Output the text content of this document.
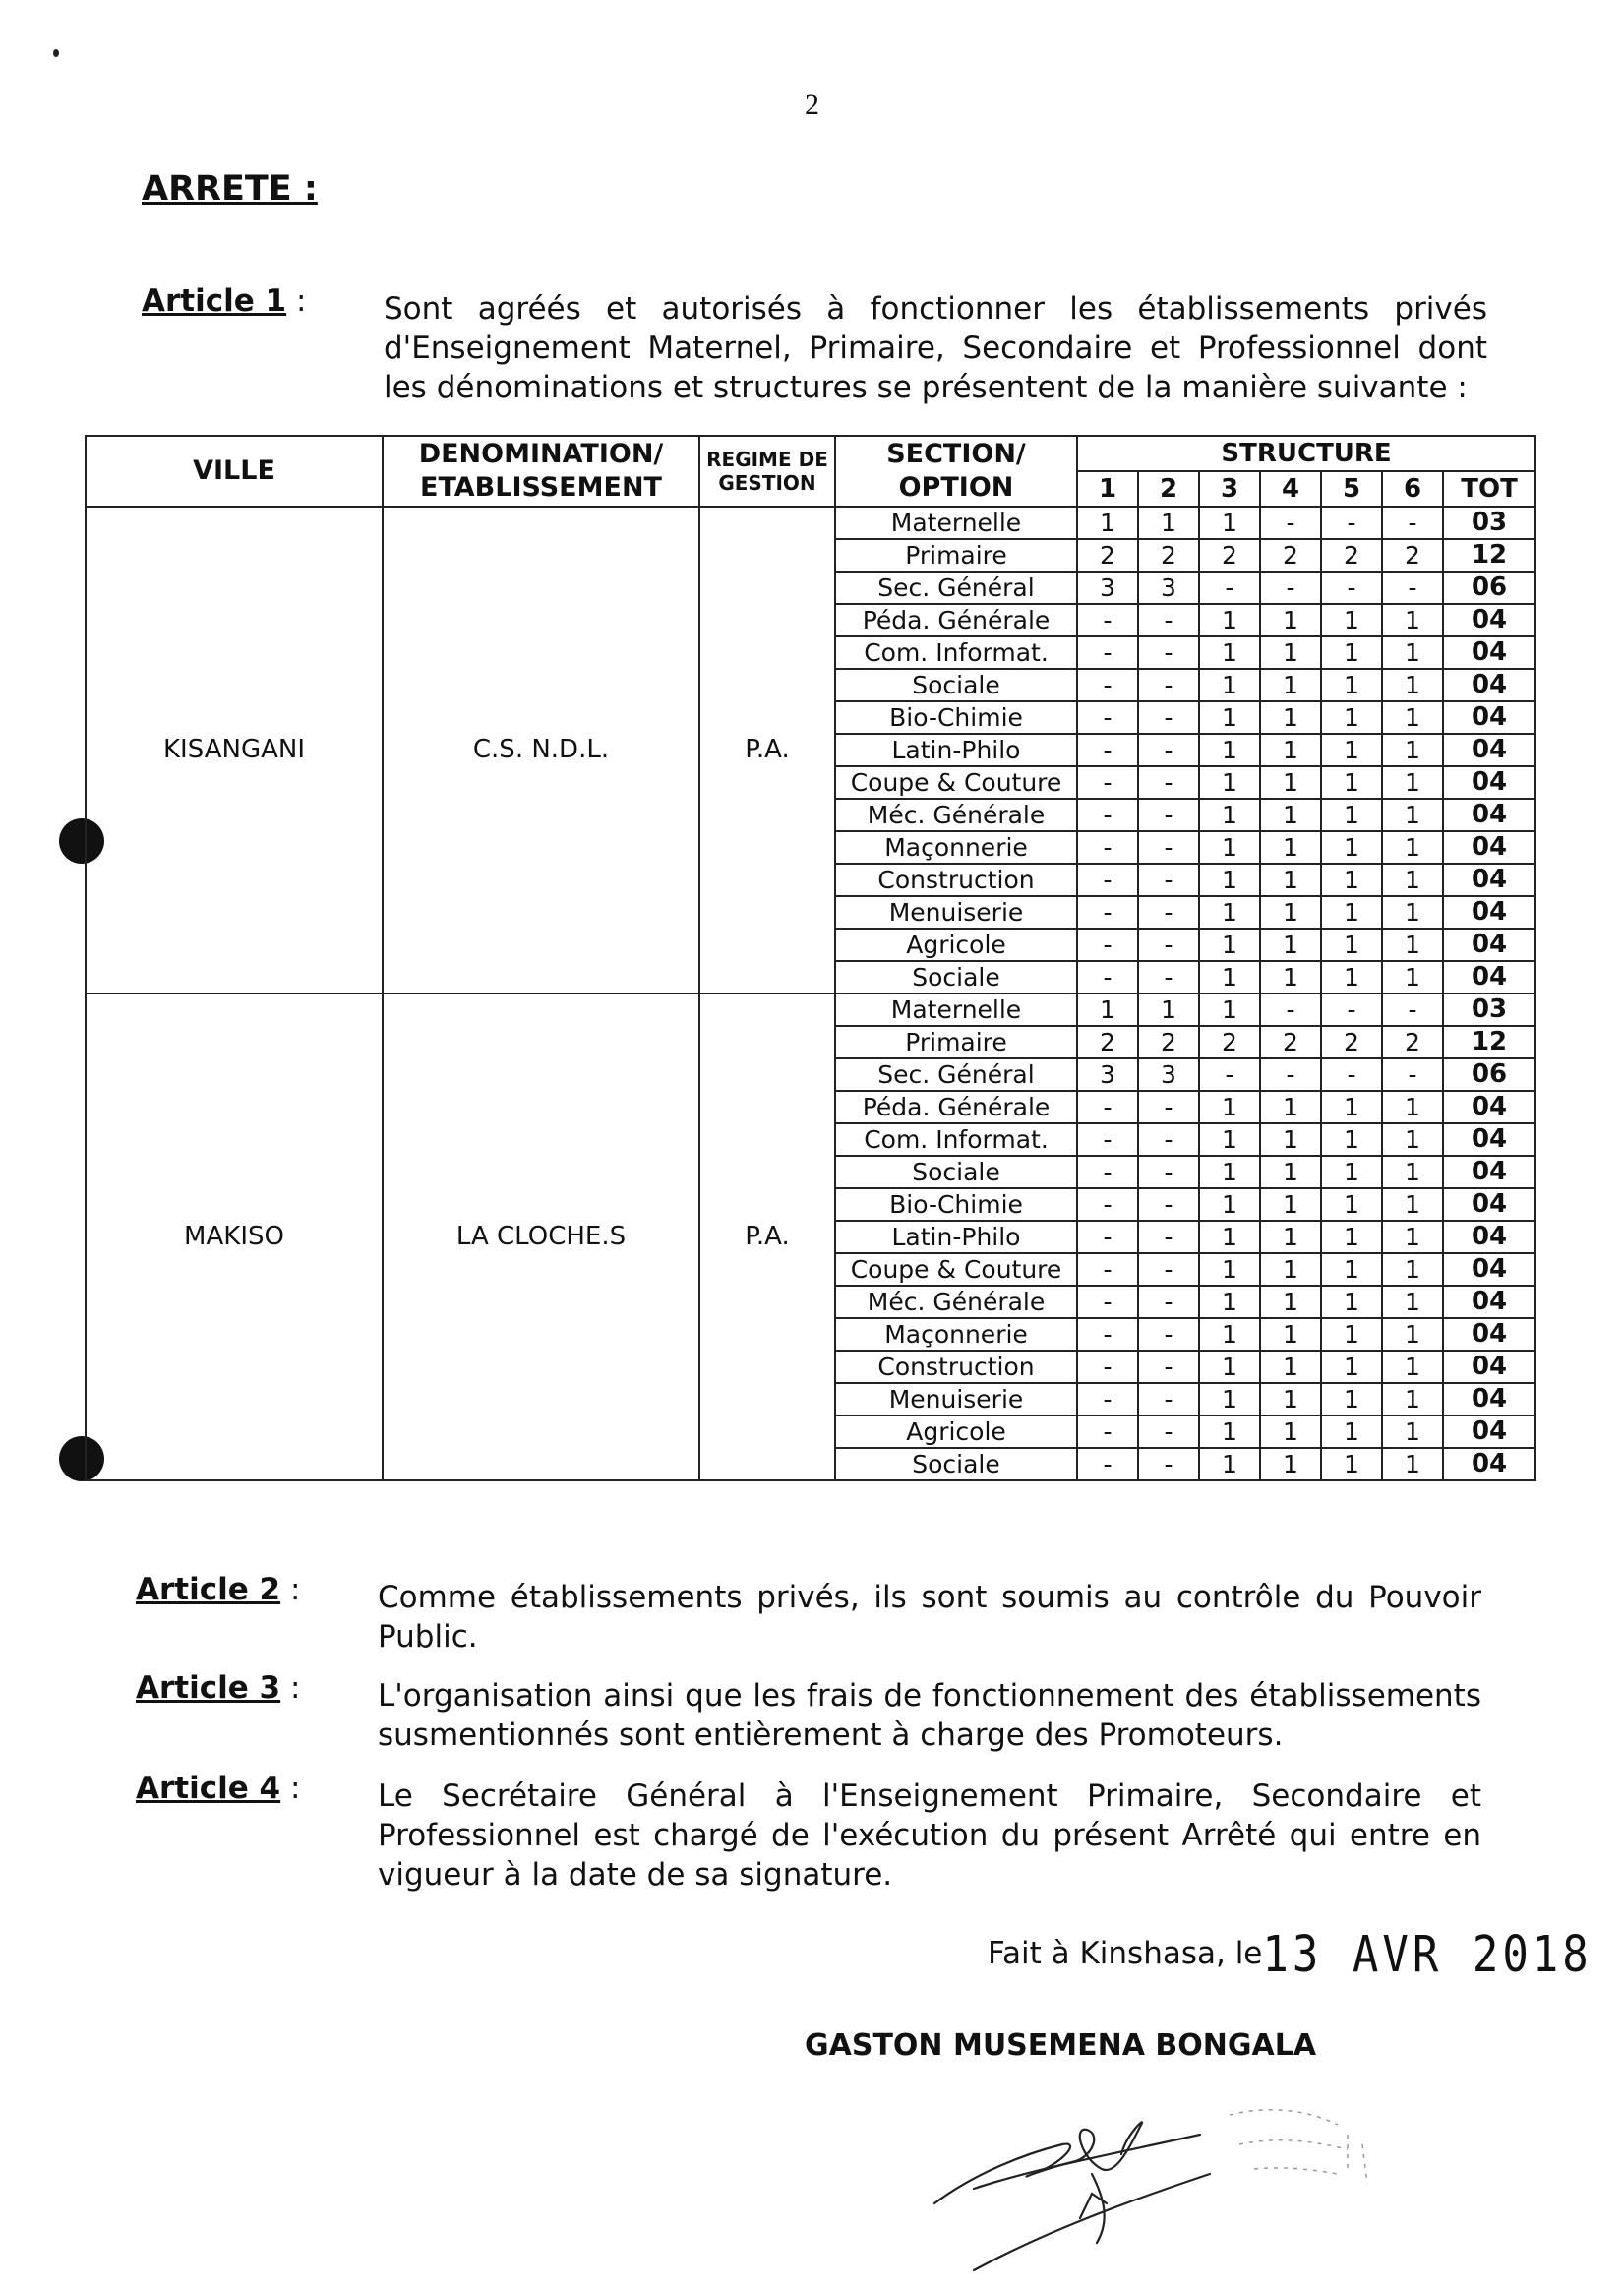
2
ARRETE :
Article 1 :	Sont agréés et autorisés à fonctionner les établissements privés d'Enseignement Maternel, Primaire, Secondaire et Professionnel dont les dénominations et structures se présentent de la manière suivante :
VILLE	DENOMINATION/ ETABLISSEMENT	REGIME DE GESTION	SECTION/ OPTION	STRUCTURE						
				1	2	3	4	5	6	TOT
KISANGANI	C.S. N.D.L.	P.A.	Maternelle	1	1	1	-	-	-	03
			Primaire	2	2	2	2	2	2	12
			Sec. Général	3	3	-	-	-	-	06
			Péda. Générale	-	-	1	1	1	1	04
			Com. Informat.	-	-	1	1	1	1	04
			Sociale	-	-	1	1	1	1	04
			Bio-Chimie	-	-	1	1	1	1	04
			Latin-Philo	-	-	1	1	1	1	04
			Coupe & Couture	-	-	1	1	1	1	04
			Méc. Générale	-	-	1	1	1	1	04
			Maçonnerie	-	-	1	1	1	1	04
			Construction	-	-	1	1	1	1	04
			Menuiserie	-	-	1	1	1	1	04
			Agricole	-	-	1	1	1	1	04
			Sociale	-	-	1	1	1	1	04
MAKISO	LA CLOCHE.S	P.A.	Maternelle	1	1	1	-	-	-	03
			Primaire	2	2	2	2	2	2	12
			Sec. Général	3	3	-	-	-	-	06
			Péda. Générale	-	-	1	1	1	1	04
			Com. Informat.	-	-	1	1	1	1	04
			Sociale	-	-	1	1	1	1	04
			Bio-Chimie	-	-	1	1	1	1	04
			Latin-Philo	-	-	1	1	1	1	04
			Coupe & Couture	-	-	1	1	1	1	04
			Méc. Générale	-	-	1	1	1	1	04
			Maçonnerie	-	-	1	1	1	1	04
			Construction	-	-	1	1	1	1	04
			Menuiserie	-	-	1	1	1	1	04
			Agricole	-	-	1	1	1	1	04
			Sociale	-	-	1	1	1	1	04
Article 2 :	Comme établissements privés, ils sont soumis au contrôle du Pouvoir Public.
Article 3 :	L'organisation ainsi que les frais de fonctionnement des établissements susmentionnés sont entièrement à charge des Promoteurs.
Article 4 :	Le Secrétaire Général à l'Enseignement Primaire, Secondaire et Professionnel est chargé de l'exécution du présent Arrêté qui entre en vigueur à la date de sa signature.
Fait à Kinshasa, le13 AVR 2018
GASTON MUSEMENA BONGALA
